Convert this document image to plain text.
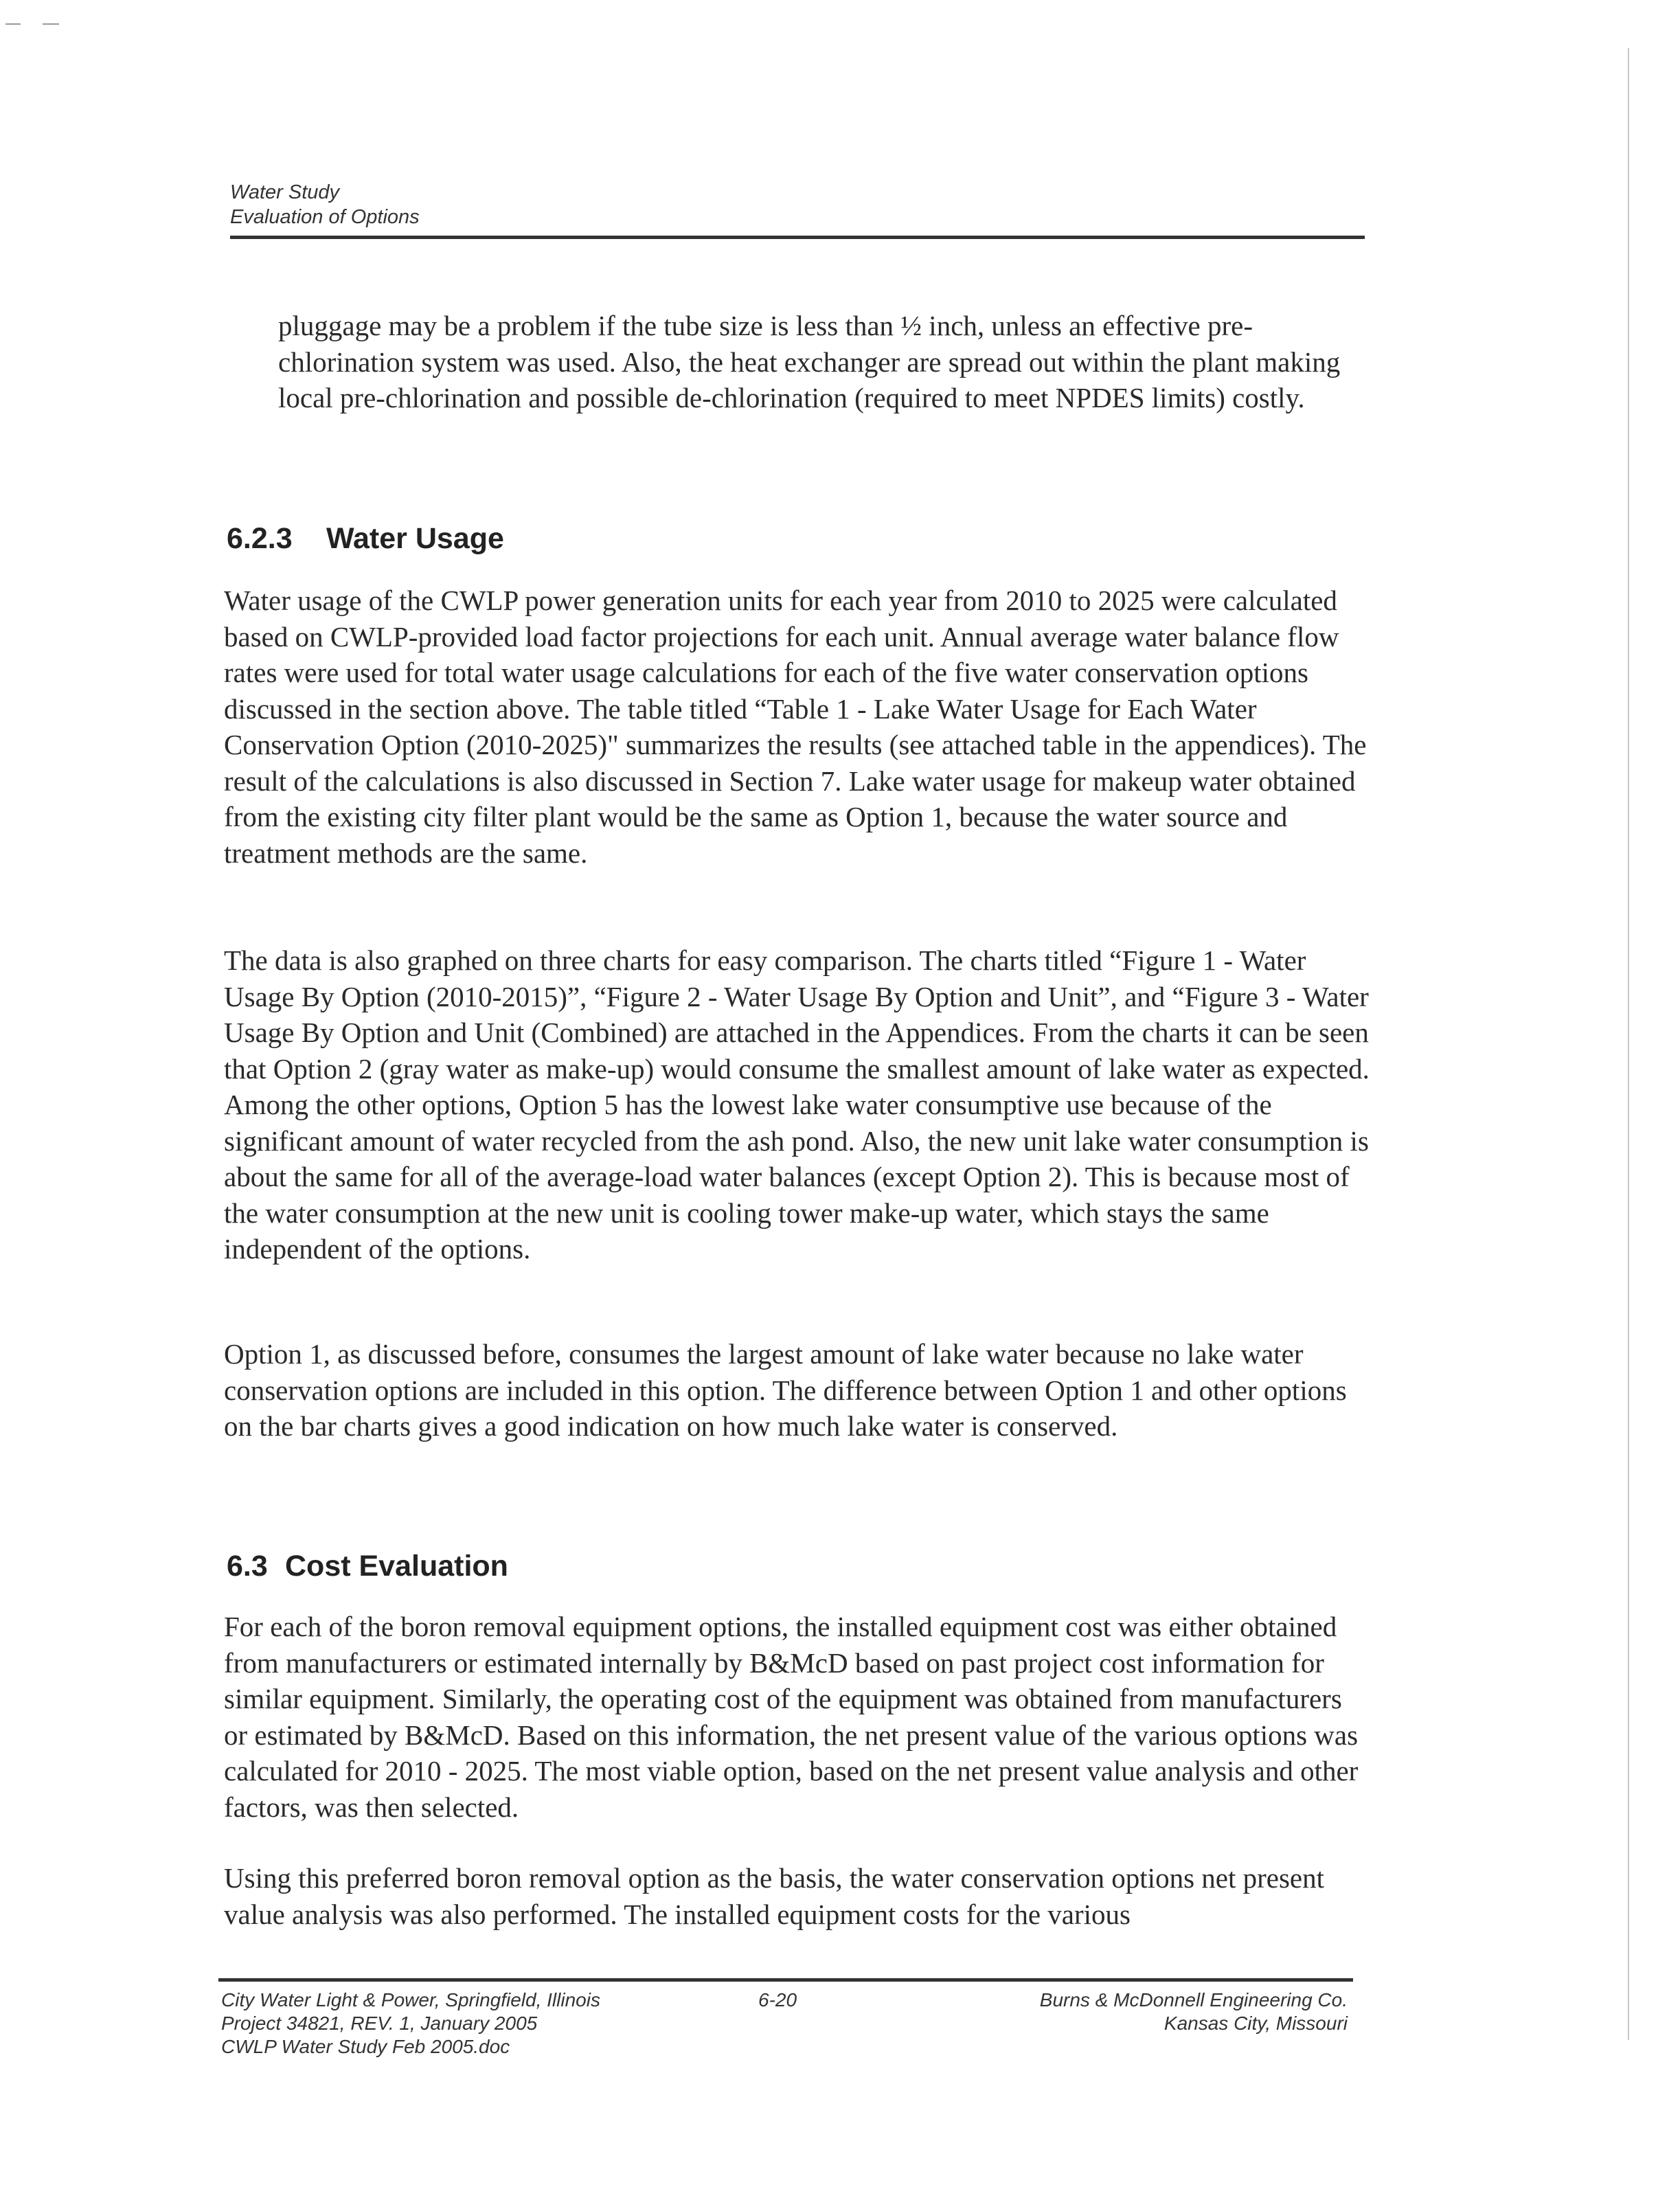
Water Study
Evaluation of Options
pluggage may be a problem if the tube size is less than ½ inch, unless an effective pre-chlorination system was used. Also, the heat exchanger are spread out within the plant making local pre-chlorination and possible de-chlorination (required to meet NPDES limits) costly.
6.2.3 Water Usage
Water usage of the CWLP power generation units for each year from 2010 to 2025 were calculated based on CWLP-provided load factor projections for each unit. Annual average water balance flow rates were used for total water usage calculations for each of the five water conservation options discussed in the section above. The table titled “Table 1 - Lake Water Usage for Each Water Conservation Option (2010-2025)" summarizes the results (see attached table in the appendices). The result of the calculations is also discussed in Section 7. Lake water usage for makeup water obtained from the existing city filter plant would be the same as Option 1, because the water source and treatment methods are the same.
The data is also graphed on three charts for easy comparison. The charts titled “Figure 1 - Water Usage By Option (2010-2015)”, “Figure 2 - Water Usage By Option and Unit”, and “Figure 3 - Water Usage By Option and Unit (Combined) are attached in the Appendices. From the charts it can be seen that Option 2 (gray water as make-up) would consume the smallest amount of lake water as expected. Among the other options, Option 5 has the lowest lake water consumptive use because of the significant amount of water recycled from the ash pond. Also, the new unit lake water consumption is about the same for all of the average-load water balances (except Option 2). This is because most of the water consumption at the new unit is cooling tower make-up water, which stays the same independent of the options.
Option 1, as discussed before, consumes the largest amount of lake water because no lake water conservation options are included in this option. The difference between Option 1 and other options on the bar charts gives a good indication on how much lake water is conserved.
6.3 Cost Evaluation
For each of the boron removal equipment options, the installed equipment cost was either obtained from manufacturers or estimated internally by B&McD based on past project cost information for similar equipment. Similarly, the operating cost of the equipment was obtained from manufacturers or estimated by B&McD. Based on this information, the net present value of the various options was calculated for 2010 - 2025. The most viable option, based on the net present value analysis and other factors, was then selected.
Using this preferred boron removal option as the basis, the water conservation options net present value analysis was also performed. The installed equipment costs for the various
City Water Light & Power, Springfield, Illinois
Project 34821, REV. 1, January 2005
CWLP Water Study Feb 2005.doc
6-20	Burns & McDonnell Engineering Co.
Kansas City, Missouri
